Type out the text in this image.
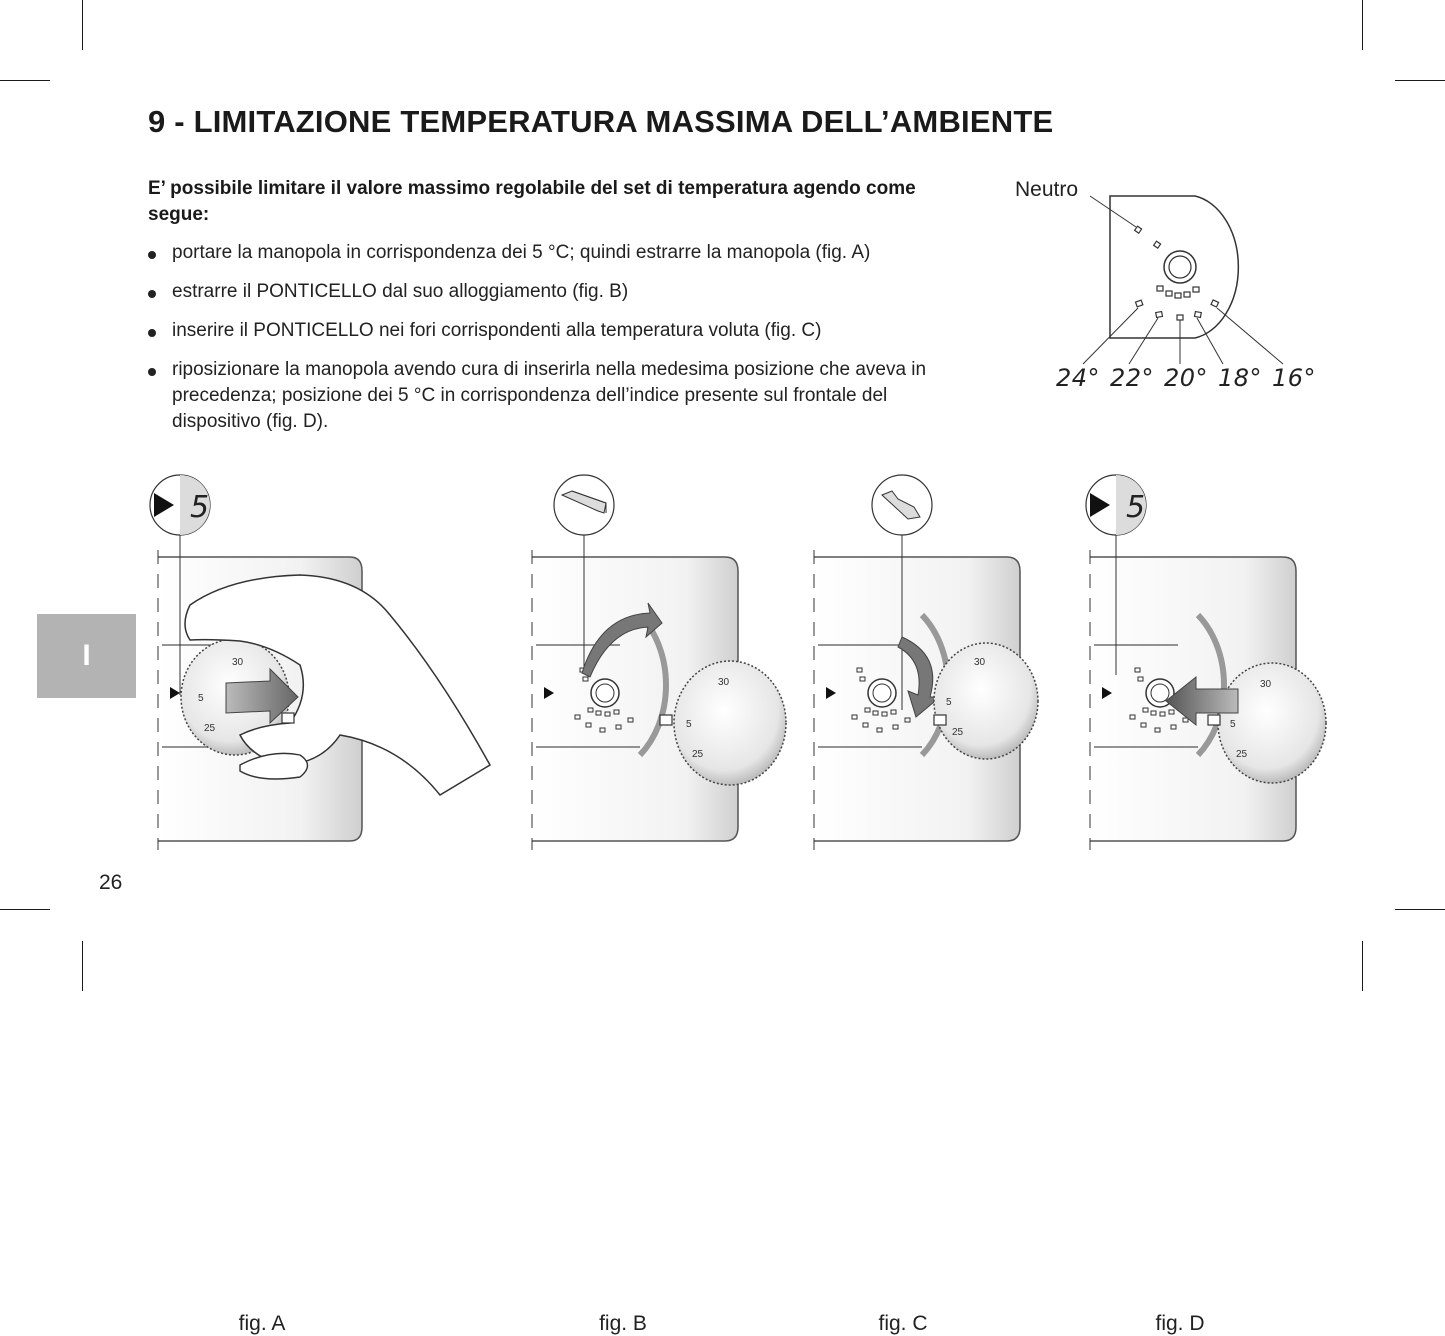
9 - LIMITAZIONE TEMPERATURA MASSIMA DELL’AMBIENTE

E’ possibile limitare il valore massimo regolabile del set di temperatura agendo come segue:

portare la manopola in corrispondenza dei 5 °C; quindi estrarre la manopola (fig. A)
estrarre il PONTICELLO dal suo alloggiamento (fig. B)
inserire il PONTICELLO nei fori corrispondenti alla temperatura voluta (fig. C)
riposizionare la manopola avendo cura di inserirla nella medesima posizione che aveva in precedenza; posizione dei 5 °C in corrispondenza dell’indice presente sul frontale del dispositivo (fig. D).
Neutro
24° 22° 20° 18° 16°
5
30
5
25
fig. A
30
5
25
fig. B
30
5
25
fig. C
5
30
5
25
fig. D
I
26
